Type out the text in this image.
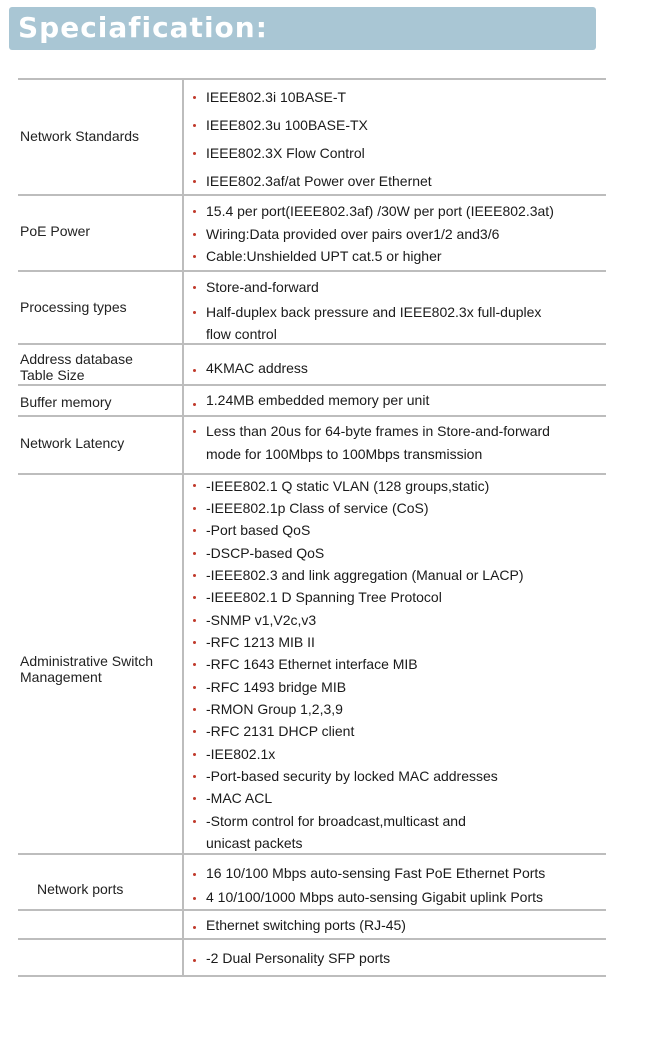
Speciafication:
Network Standards
IEEE802.3i 10BASE-T
IEEE802.3u 100BASE-TX
IEEE802.3X Flow Control
IEEE802.3af/at Power over Ethernet
PoE Power
15.4 per port(IEEE802.3af) /30W per port (IEEE802.3at)
Wiring:Data provided over pairs over1/2 and3/6
Cable:Unshielded UPT cat.5 or higher
Processing types
Store-and-forward
Half-duplex back pressure and IEEE802.3x full-duplex
flow control
Address database Table Size	4KMAC address
Buffer memory	1.24MB embedded memory per unit
Network Latency
Less than 20us for 64-byte frames in Store-and-forward
mode for 100Mbps to 100Mbps transmission
Administrative Switch Management
-IEEE802.1 Q static VLAN (128 groups,static)
-IEEE802.1p Class of service (CoS)
-Port based QoS
-DSCP-based QoS
-IEEE802.3 and link aggregation (Manual or LACP)
-IEEE802.1 D Spanning Tree Protocol
-SNMP v1,V2c,v3
-RFC 1213 MIB II
-RFC 1643 Ethernet interface MIB
-RFC 1493 bridge MIB
-RMON Group 1,2,3,9
-RFC 2131 DHCP client
-IEE802.1x
-Port-based security by locked MAC addresses
-MAC ACL
-Storm control for broadcast,multicast and
unicast packets
Network ports
16 10/100 Mbps auto-sensing Fast PoE Ethernet Ports
4 10/100/1000 Mbps auto-sensing Gigabit uplink Ports
Ethernet switching ports (RJ-45)
-2 Dual Personality SFP ports
